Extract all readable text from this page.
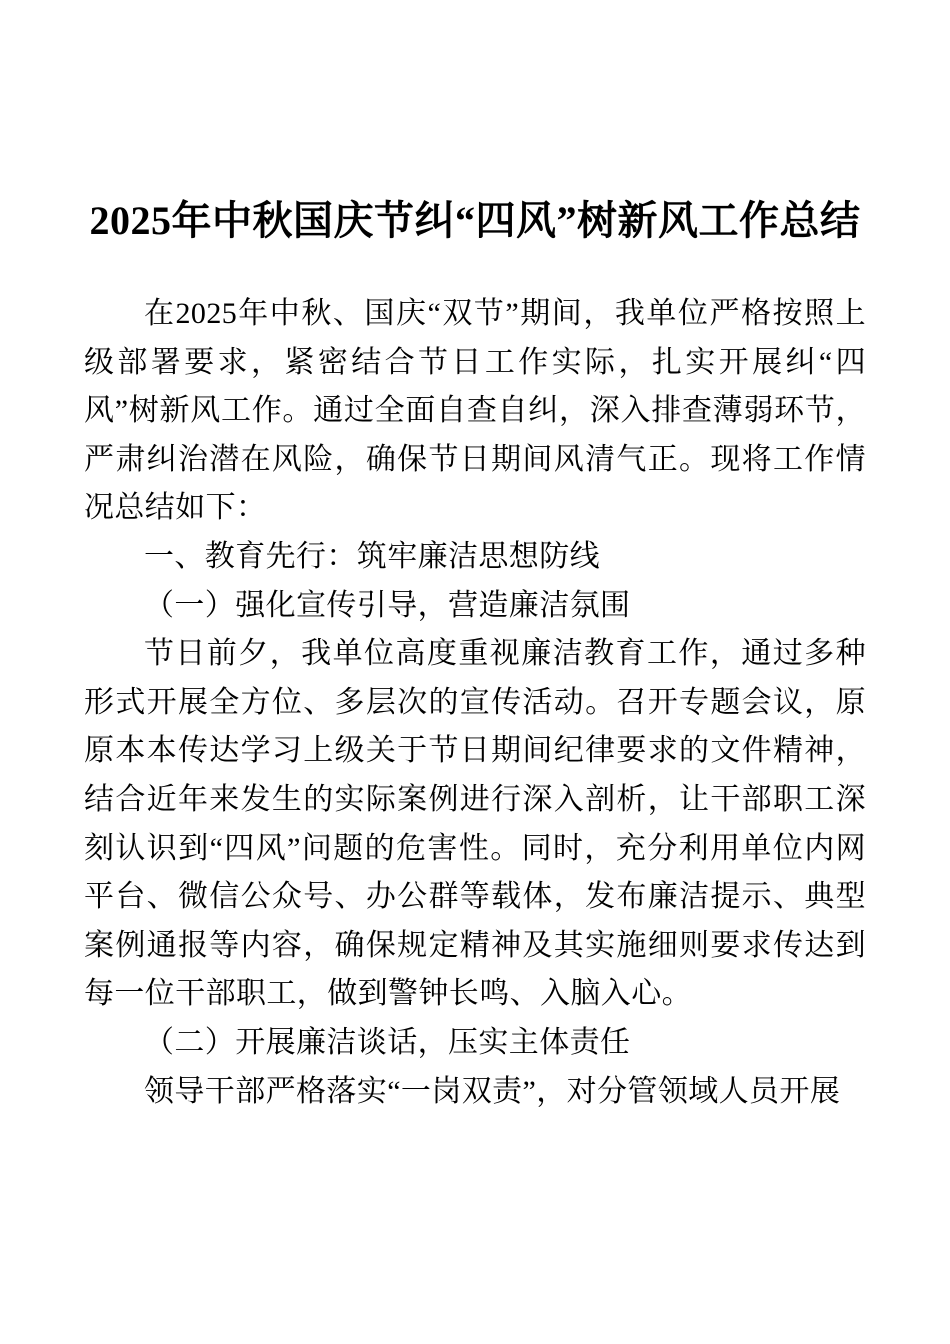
2025年中秋国庆节纠“四风”树新风工作总结

在2025年中秋、国庆“双节”期间，我单位严格按照上级部署要求，紧密结合节日工作实际，扎实开展纠“四风”树新风工作。通过全面自查自纠，深入排查薄弱环节，严肃纠治潜在风险，确保节日期间风清气正。现将工作情况总结如下：

一、教育先行：筑牢廉洁思想防线

（一）强化宣传引导，营造廉洁氛围

节日前夕，我单位高度重视廉洁教育工作，通过多种形式开展全方位、多层次的宣传活动。召开专题会议，原原本本传达学习上级关于节日期间纪律要求的文件精神，结合近年来发生的实际案例进行深入剖析，让干部职工深刻认识到“四风”问题的危害性。同时，充分利用单位内网平台、微信公众号、办公群等载体，发布廉洁提示、典型案例通报等内容，确保规定精神及其实施细则要求传达到每一位干部职工，做到警钟长鸣、入脑入心。

（二）开展廉洁谈话，压实主体责任

领导干部严格落实“一岗双责”，对分管领域人员开展
